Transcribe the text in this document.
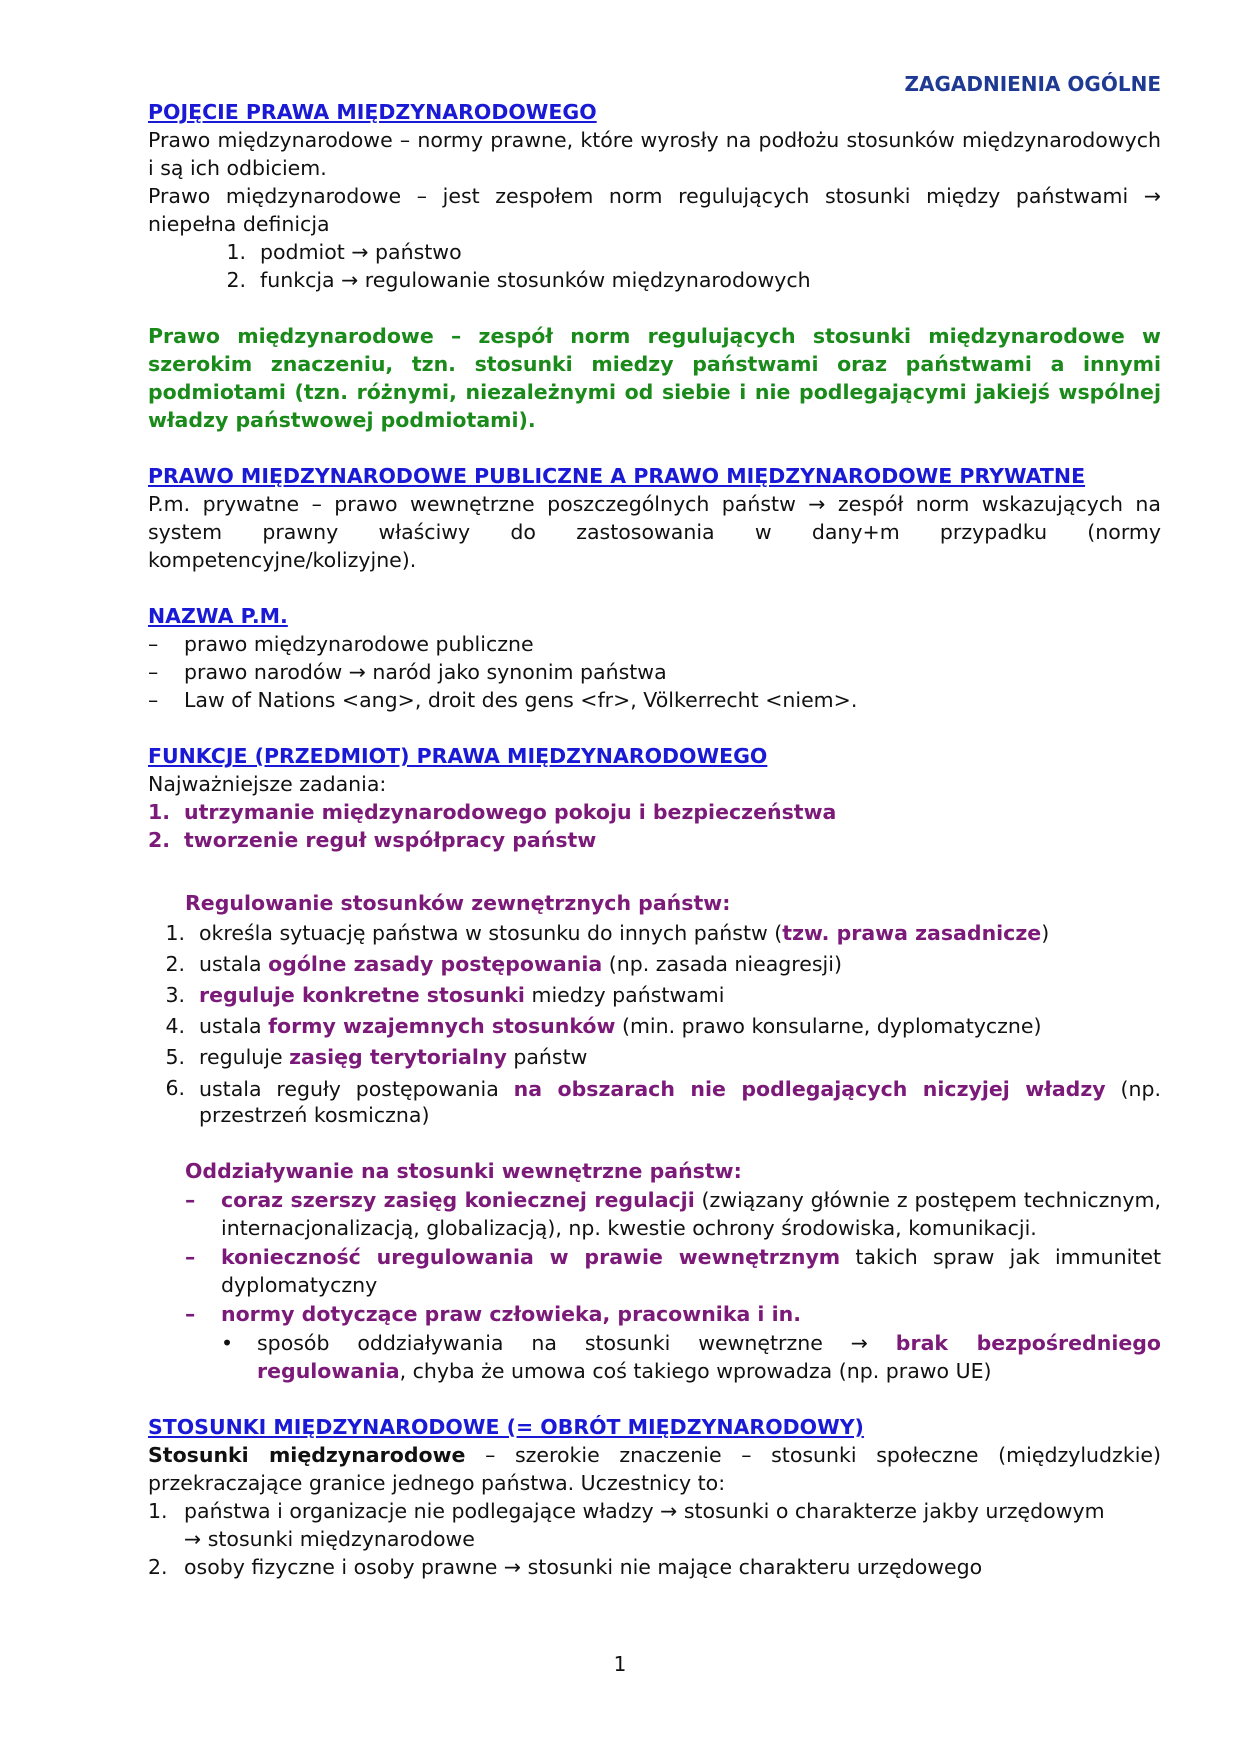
ZAGADNIENIA OGÓLNE
POJĘCIE PRAWA MIĘDZYNARODOWEGO

Prawo międzynarodowe – normy prawne, które wyrosły na podłożu stosunków międzynarodowych i są ich odbiciem.

Prawo międzynarodowe – jest zespołem norm regulujących stosunki między państwami → niepełna definicja

1. podmiot → państwo
2. funkcja → regulowanie stosunków międzynarodowych

Prawo międzynarodowe – zespół norm regulujących stosunki międzynarodowe w szerokim znaczeniu, tzn. stosunki miedzy państwami oraz państwami a innymi podmiotami (tzn. różnymi, niezależnymi od siebie i nie podlegającymi jakiejś wspólnej władzy państwowej podmiotami).

PRAWO MIĘDZYNARODOWE PUBLICZNE A PRAWO MIĘDZYNARODOWE PRYWATNE

P.m. prywatne – prawo wewnętrzne poszczególnych państw → zespół norm wskazujących na system prawny właściwy do zastosowania w dany+m przypadku (normy kompetencyjne/kolizyjne).

NAZWA P.M.
–	prawo międzynarodowe publiczne
–	prawo narodów → naród jako synonim państwa
–	Law of Nations <ang>, droit des gens <fr>, Völkerrecht <niem>.
FUNKCJE (PRZEDMIOT) PRAWA MIĘDZYNARODOWEGO

Najważniejsze zadania:

1. utrzymanie międzynarodowego pokoju i bezpieczeństwa
2. tworzenie reguł współpracy państw
Regulowanie stosunków zewnętrznych państw:
1. określa sytuację państwa w stosunku do innych państw (tzw. prawa zasadnicze)
2. ustala ogólne zasady postępowania (np. zasada nieagresji)
3. reguluje konkretne stosunki miedzy państwami
4. ustala formy wzajemnych stosunków (min. prawo konsularne, dyplomatyczne)
5. reguluje zasięg terytorialny państw
6. ustala reguły postępowania na obszarach nie podlegających niczyjej władzy (np. przestrzeń kosmiczna)
Oddziaływanie na stosunki wewnętrzne państw:
–	coraz szerszy zasięg koniecznej regulacji (związany głównie z postępem technicznym, internacjonalizacją, globalizacją), np. kwestie ochrony środowiska, komunikacji.
–	konieczność uregulowania w prawie wewnętrznym takich spraw jak immunitet dyplomatyczny
–	normy dotyczące praw człowieka, pracownika i in.
•	sposób oddziaływania na stosunki wewnętrzne → brak bezpośredniego regulowania, chyba że umowa coś takiego wprowadza (np. prawo UE)
STOSUNKI MIĘDZYNARODOWE (= OBRÓT MIĘDZYNARODOWY)

Stosunki międzynarodowe – szerokie znaczenie – stosunki społeczne (międzyludzkie) przekraczające granice jednego państwa. Uczestnicy to:

1. państwa i organizacje nie podlegające władzy → stosunki o charakterze jakby urzędowym
→ stosunki międzynarodowe
2. osoby fizyczne i osoby prawne → stosunki nie mające charakteru urzędowego
1
